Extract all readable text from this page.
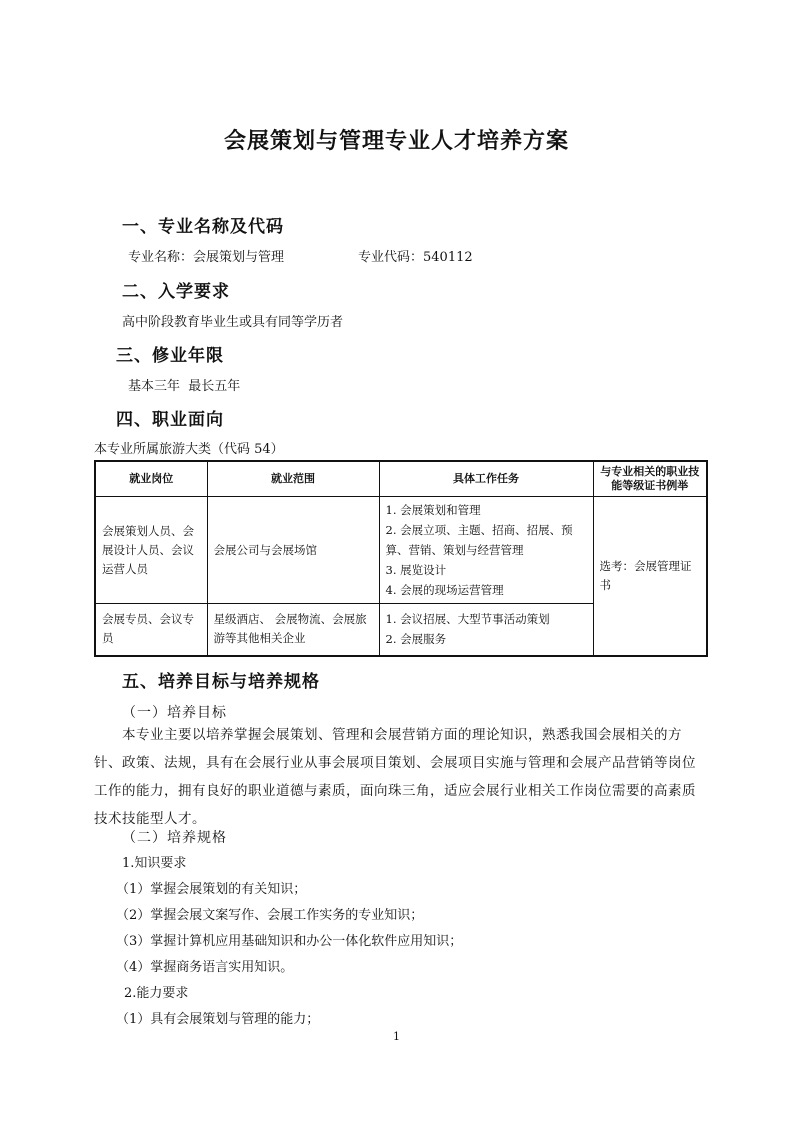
会展策划与管理专业人才培养方案
一、专业名称及代码
专业名称：会展策划与管理	专业代码：540112
二、入学要求
高中阶段教育毕业生或具有同等学历者
三、修业年限
基本三年  最长五年
四、职业面向
本专业所属旅游大类（代码 54）
就业岗位	就业范围	具体工作任务	与专业相关的职业技能等级证书例举
会展策划人员、会展设计人员、会议运营人员	会展公司与会展场馆	1. 会展策划和管理
2. 会展立项、主题、招商、招展、预算、营销、策划与经营管理
3. 展览设计
4. 会展的现场运营管理	选考：会展管理证书
会展专员、会议专员	星级酒店、 会展物流、会展旅游等其他相关企业	1. 会议招展、大型节事活动策划
2. 会展服务	
五、培养目标与培养规格
（一）培养目标
本专业主要以培养掌握会展策划、管理和会展营销方面的理论知识，熟悉我国会展相关的方针、政策、法规，具有在会展行业从事会展项目策划、会展项目实施与管理和会展产品营销等岗位工作的能力，拥有良好的职业道德与素质，面向珠三角，适应会展行业相关工作岗位需要的高素质技术技能型人才。
（二）培养规格
1.知识要求
（1）掌握会展策划的有关知识；
（2）掌握会展文案写作、会展工作实务的专业知识；
（3）掌握计算机应用基础知识和办公一体化软件应用知识；
（4）掌握商务语言实用知识。
2.能力要求
（1）具有会展策划与管理的能力；
1
